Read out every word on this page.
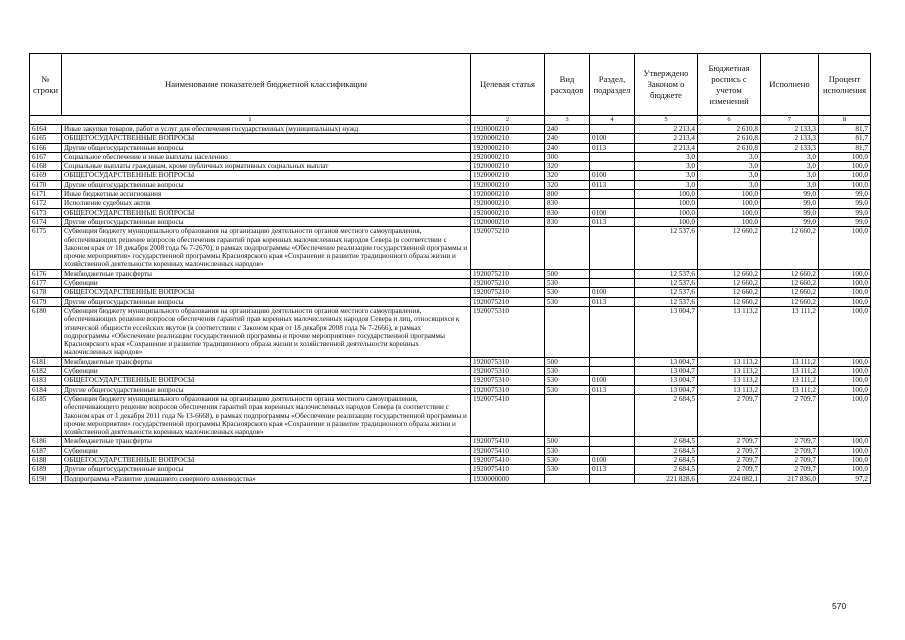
№ строки	Наименование показателей бюджетной классификации	Целевая статья	Вид расходов	Раздел, подраздел	Утверждено Законом о бюджете	Бюджетная роспись с учетом изменений	Исполнено	Процент исполнения
1		2	3	4	5	6	7	8
6164	Иные закупки товаров, работ и услуг для обеспечения государственных (муниципальных) нужд	1920000210	240		2 213,4	2 610,8	2 133,3	81,7
6165	ОБЩЕГОСУДАРСТВЕННЫЕ ВОПРОСЫ	1920000210	240	0100	2 213,4	2 610,8	2 133,3	81,7
6166	Другие общегосударственные вопросы	1920000210	240	0113	2 213,4	2 610,8	2 133,3	81,7
6167	Социальное обеспечение и иные выплаты населению	1920000210	300		3,0	3,0	3,0	100,0
6168	Социальные выплаты гражданам, кроме публичных нормативных социальных выплат	1920000210	320		3,0	3,0	3,0	100,0
6169	ОБЩЕГОСУДАРСТВЕННЫЕ ВОПРОСЫ	1920000210	320	0100	3,0	3,0	3,0	100,0
6170	Другие общегосударственные вопросы	1920000210	320	0113	3,0	3,0	3,0	100,0
6171	Иные бюджетные ассигнования	1920000210	800		100,0	100,0	99,0	99,0
6172	Исполнение судебных актов	1920000210	830		100,0	100,0	99,0	99,0
6173	ОБЩЕГОСУДАРСТВЕННЫЕ ВОПРОСЫ	1920000210	830	0100	100,0	100,0	99,0	99,0
6174	Другие общегосударственные вопросы	1920000210	830	0113	100,0	100,0	99,0	99,0
6175	Субвенция бюджету муниципального образования на организацию деятельности органов местного самоуправления, обеспечивающих решение вопросов обеспечения гарантий прав коренных малочисленных народов Севера (в соответствии с Законом края от 18 декабря 2008 года № 7-2670), в рамках подпрограммы «Обеспечение реализации государственной программы и прочие мероприятия» государственной программы Красноярского края «Сохранение и развитие традиционного образа жизни и хозяйственной деятельности коренных малочисленных народов»	1920075210			12 537,6	12 660,2	12 660,2	100,0
6176	Межбюджетные трансферты	1920075210	500		12 537,6	12 660,2	12 660,2	100,0
6177	Субвенции	1920075210	530		12 537,6	12 660,2	12 660,2	100,0
6178	ОБЩЕГОСУДАРСТВЕННЫЕ ВОПРОСЫ	1920075210	530	0100	12 537,6	12 660,2	12 660,2	100,0
6179	Другие общегосударственные вопросы	1920075210	530	0113	12 537,6	12 660,2	12 660,2	100,0
6180	Субвенция бюджету муниципального образования на организацию деятельности органов местного самоуправления, обеспечивающих решение вопросов обеспечения гарантий прав коренных малочисленных народов Севера и лиц, относящихся к этнической общности ессейских якутов (в соответствии с Законом края от 18 декабря 2008 года № 7-2666), в рамках подпрограммы «Обеспечение реализации государственной программы и прочие мероприятия» государственной программы Красноярского края «Сохранение и развитие традиционного образа жизни и хозяйственной деятельности коренных малочисленных народов»	1920075310			13 004,7	13 113,2	13 111,2	100,0
6181	Межбюджетные трансферты	1920075310	500		13 004,7	13 113,2	13 111,2	100,0
6182	Субвенции	1920075310	530		13 004,7	13 113,2	13 111,2	100,0
6183	ОБЩЕГОСУДАРСТВЕННЫЕ ВОПРОСЫ	1920075310	530	0100	13 004,7	13 113,2	13 111,2	100,0
6184	Другие общегосударственные вопросы	1920075310	530	0113	13 004,7	13 113,2	13 111,2	100,0
6185	Субвенция бюджету муниципального образования на организацию деятельности органа местного самоуправления, обеспечивающего решение вопросов обеспечения гарантий прав коренных малочисленных народов Севера (в соответствии с Законом края от 1 декабря 2011 года № 13-6668), в рамках подпрограммы «Обеспечение реализации государственной программы и прочие мероприятия» государственной программы Красноярского края «Сохранение и развитие традиционного образа жизни и хозяйственной деятельности коренных малочисленных народов»	1920075410			2 684,5	2 709,7	2 709,7	100,0
6186	Межбюджетные трансферты	1920075410	500		2 684,5	2 709,7	2 709,7	100,0
6187	Субвенции	1920075410	530		2 684,5	2 709,7	2 709,7	100,0
6188	ОБЩЕГОСУДАРСТВЕННЫЕ ВОПРОСЫ	1920075410	530	0100	2 684,5	2 709,7	2 709,7	100,0
6189	Другие общегосударственные вопросы	1920075410	530	0113	2 684,5	2 709,7	2 709,7	100,0
6190	Подпрограмма «Развитие домашнего северного оленеводства»	1930000000			221 828,6	224 082,1	217 836,0	97,2
570
